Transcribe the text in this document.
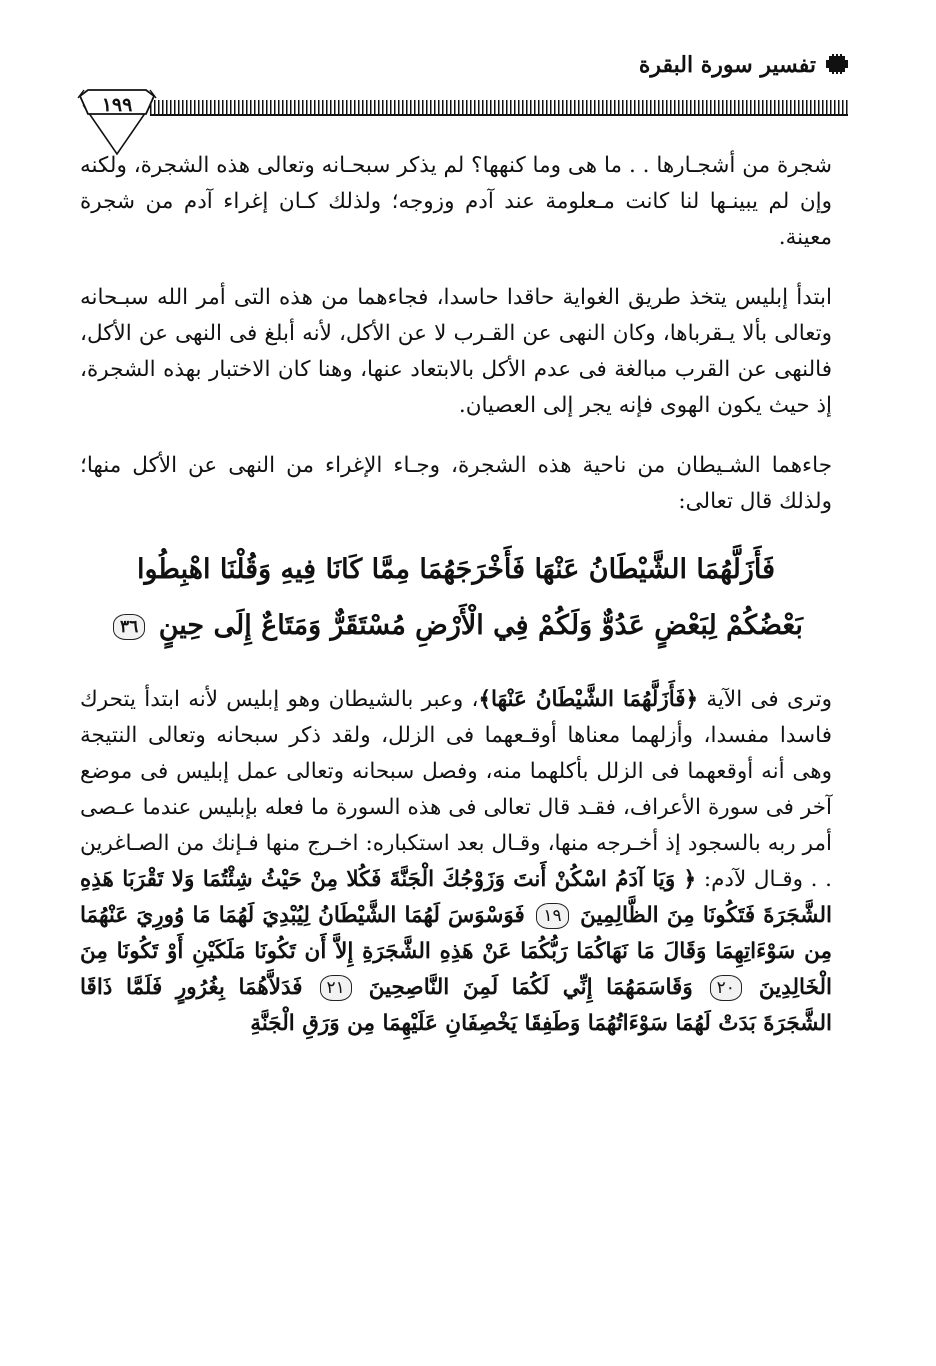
تفسير سورة البقرة
١٩٩

شجرة من أشجـارها . . ما هى وما كنهها؟ لم يذكر سبحـانه وتعالى هذه الشجرة، ولكنه وإن لم يبينـها لنا كانت مـعلومة عند آدم وزوجه؛ ولذلك كـان إغراء آدم من شجرة معينة.

ابتدأ إبليس يتخذ طريق الغواية حاقدا حاسدا، فجاءهما من هذه التى أمر الله سبـحانه وتعالى بألا يـقرباها، وكان النهى عن القـرب لا عن الأكل، لأنه أبلغ فى النهى عن الأكل، فالنهى عن القرب مبالغة فى عدم الأكل بالابتعاد عنها، وهنا كان الاختبار بهذه الشجرة، إذ حيث يكون الهوى فإنه يجر إلى العصيان.

جاءهما الشـيطان من ناحية هذه الشجرة، وجـاء الإغراء من النهى عن الأكل منها؛ ولذلك قال تعالى:

فَأَزَلَّهُمَا الشَّيْطَانُ عَنْهَا فَأَخْرَجَهُمَا مِمَّا كَانَا فِيهِ وَقُلْنَا اهْبِطُوا
بَعْضُكُمْ لِبَعْضٍ عَدُوٌّ وَلَكُمْ فِي الْأَرْضِ مُسْتَقَرٌّ وَمَتَاعٌ إِلَى حِينٍ ٣٦

وترى فى الآية ﴿فَأَزَلَّهُمَا الشَّيْطَانُ عَنْهَا﴾، وعبر بالشيطان وهو إبليس لأنه ابتدأ يتحرك فاسدا مفسدا، وأزلهما معناها أوقـعهما فى الزلل، ولقد ذكر سبحانه وتعالى النتيجة وهى أنه أوقعهما فى الزلل بأكلهما منه، وفصل سبحانه وتعالى عمل إبليس فى موضع آخر فى سورة الأعراف، فقـد قال تعالى فى هذه السورة ما فعله بإبليس عندما عـصى أمر ربه بالسجود إذ أخـرجه منها، وقـال بعد استكباره: اخـرج منها فـإنك من الصـاغرين . . وقـال لآدم: ﴿ وَيَا آدَمُ اسْكُنْ أَنتَ وَزَوْجُكَ الْجَنَّةَ فَكُلا مِنْ حَيْثُ شِئْتُمَا وَلا تَقْرَبَا هَذِهِ الشَّجَرَةَ فَتَكُونَا مِنَ الظَّالِمِينَ ١٩ فَوَسْوَسَ لَهُمَا الشَّيْطَانُ لِيُبْدِيَ لَهُمَا مَا وُورِيَ عَنْهُمَا مِن سَوْءَاتِهِمَا وَقَالَ مَا نَهَاكُمَا رَبُّكُمَا عَنْ هَذِهِ الشَّجَرَةِ إِلاَّ أَن تَكُونَا مَلَكَيْنِ أَوْ تَكُونَا مِنَ الْخَالِدِينَ ٢٠ وَقَاسَمَهُمَا إِنِّي لَكُمَا لَمِنَ النَّاصِحِينَ ٢١ فَدَلاَّهُمَا بِغُرُورٍ فَلَمَّا ذَاقَا الشَّجَرَةَ بَدَتْ لَهُمَا سَوْءَاتُهُمَا وَطَفِقَا يَخْصِفَانِ عَلَيْهِمَا مِن وَرَقِ الْجَنَّةِ
